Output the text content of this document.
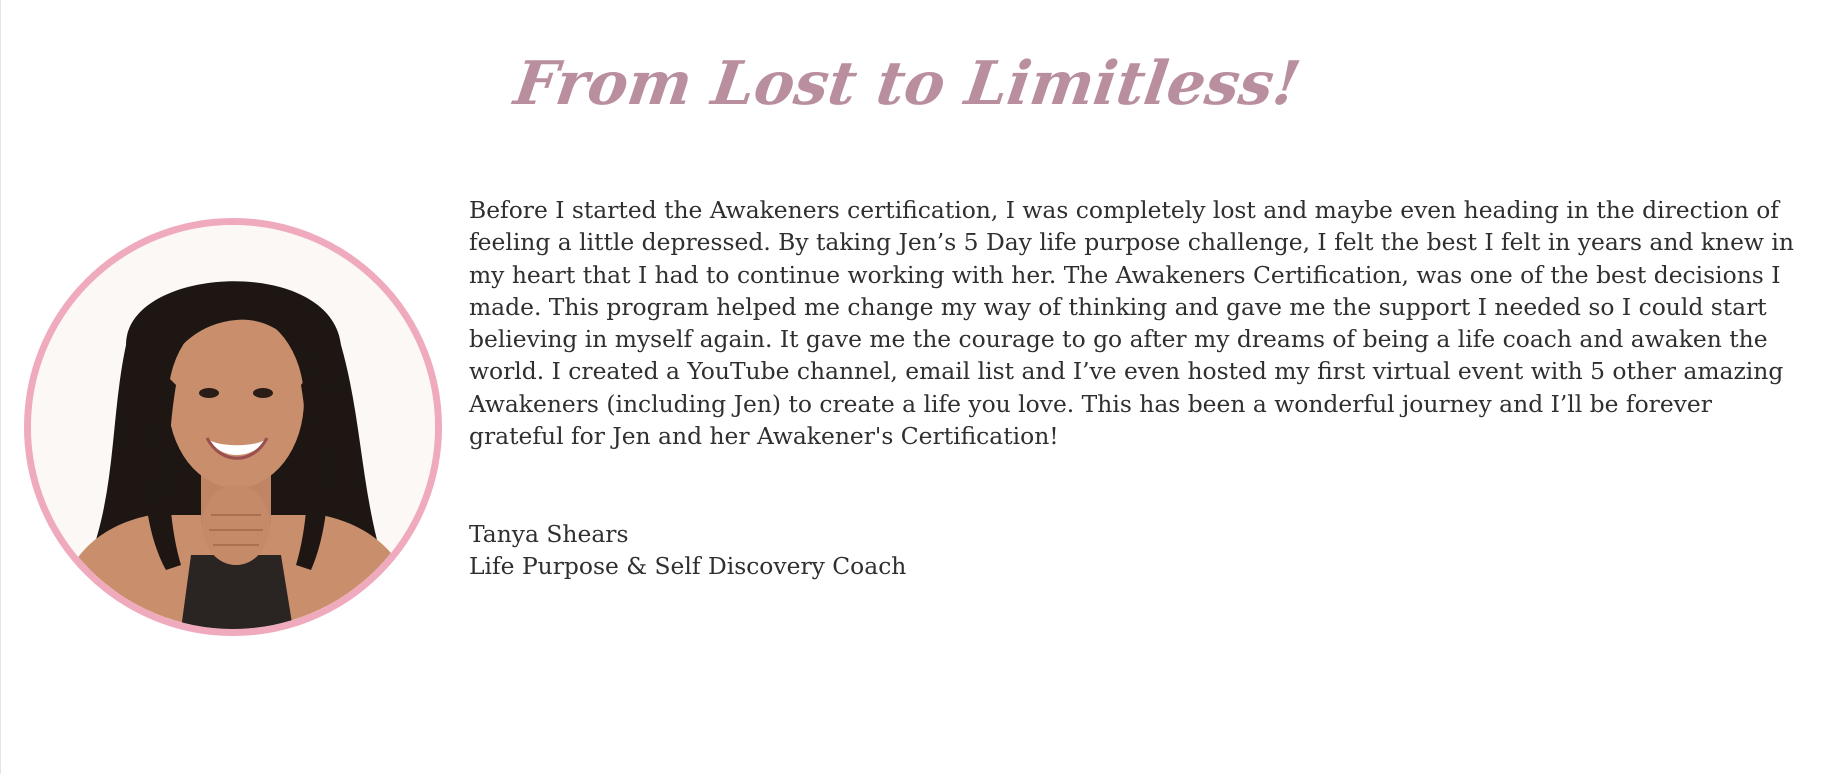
From Lost to Limitless!

Before I started the Awakeners certification, I was completely lost and maybe even heading in the direction of feeling a little depressed. By taking Jen’s 5 Day life purpose challenge, I felt the best I felt in years and knew in my heart that I had to continue working with her. The Awakeners Certification, was one of the best decisions I made. This program helped me change my way of thinking and gave me the support I needed so I could start believing in myself again. It gave me the courage to go after my dreams of being a life coach and awaken the world. I created a YouTube channel, email list and I’ve even hosted my first virtual event with 5 other amazing Awakeners (including Jen) to create a life you love. This has been a wonderful journey and I’ll be forever grateful for Jen and her Awakener's Certification!

Tanya Shears
Life Purpose & Self Discovery Coach
